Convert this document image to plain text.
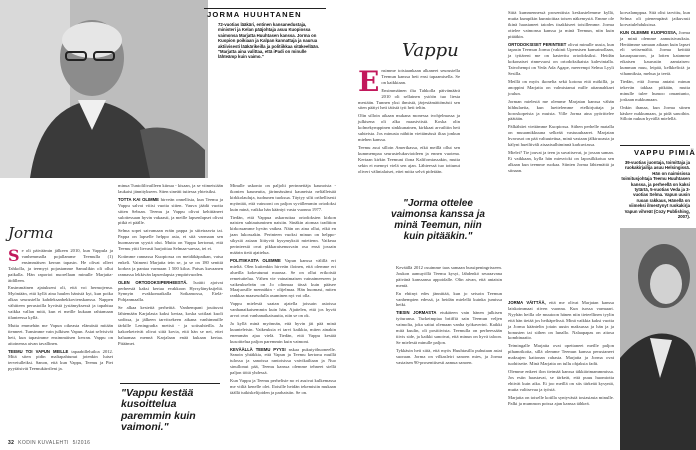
JORMA HUUHTANEN
72-vuotias lääkäri, entinen kansanedustaja, ministeri ja Kelan pääjohtaja asuu Kuopiossa vaimonsa Marjatta Huuhtasen kanssa. Jorma on Kuopion poikiaan ja Kalpan kannattaja ja naurua aktiivisesti lääkärikeilla ja politiikkaa sitäkeellään. "Marjatta aina valittaa, että iPadi on minulle lähteämp kuin vaimo."
Jorma

Se oli päiväämin jälkeen 2010, kun Vappula ja vanhemmalla pojallamme Teemulla (1) ensimmäisen kerran tapasin. He olivat olleet Tahkolla, ja teemyyt pojastamme Samulikin oli ollut paikalla. Hän raportoi nuorellaan minulle Marjatta-äidilleen.

Ensimmäinen ajatukseni oli, että voi hermojensa. Myöntään, että kyllä aina haulen hänistä kyt, kun poika alkaa seurustella kahdeksanbekkovienskanssa. Nappen vähitteen perustoilla hyvästä jystämyksessä ja tapahtua vaikka vallan mitä, kun ei meille kukaan rahtamaan tilanteessa kyllä.

Mutta emmehän me Vapun oikeasta elämästä mitään tienneet. Tunsimme vain julkisen Vapun. Asiat selvisivät heti, kun tapasimme ensimmäisen kerran. Vappu on aitoinensa aivan tavallinen.

TEEMU TOI VAPUN MEILLE tapaabilleluiloa 2012. Mitä siten pidin maltapahtunut jotenkin luiset tervetulleiksi. Sanon, että kun Vappu, Teemu ja Piet pyytäisivät Teemukärrileni ja.

minua Tuntolilivailleen kiinua - kisaan, ja se viimeisiään laukaisi jännitykseen. Siten sineäti tutiessa yhteisiksi.

TOTTA KAI OLIMME hirveän onnellisia, kun Teemu ja Vappu salvat viiisi vuotta sitten. Vauva jäädä vuotta sitten Sebsan. Teemu ja Vappu olivat kehittäneet sulottessaan hyvin vakaasti, ja meille lapsenlapset olivat pitkä ei päälle.

Selma sopei saivamaan eräin pappa ja siitetraavia tai. Pappa on lapselle helppo asia, et sitä varmaan sen huomaavan syystä olut. Mutta on Vappu kertonut, että Teemu yitti lievasti harjoittaa Selmaa-saessa, tei ei.

Kotimme rannassa Kuopiossa on meidäkäpaikan, vatsa enkeli. Vaimeni Marjatta tein se, ja se on 180 senttiä korkea ja pantaa varmaan 1 500 kiloa. Patsas kuvaanen rannassa lekkivän lapsenlapsia ympärivuoden.

OLEN ORTODOKSIPERHEESTÄ. Isoäiti ajoivat perheestä kaksi kertaa evakkoon Hyrsylänyksijeltä. Synnyin evakkomatkalla Sotkamossa, Etelä-Pohjanmaalla.

Se alkaa kestettä perheittä. Vanhempani jouituvat lähtemään Karjalasta kaksi kertaa, koska sotilaat kuoli sodissa, ja jälkeen tarvitsekeen aikana vanhimmille tärkille Leningradia mettsä - ja sotisuhteilla. Ja kakoeketeivät olivat siitä kovia, että hän se nei, ettei haluamaa mennä Karjalaan enää kukaan kertaa. Pitäämet.

"Vappu kestää kusoittelua paremmin kuin vaimoni."

Minulle uskonto on paljolti perinnettäja kaunoista - ikonien kauneutta, järinnässämi kauneista neliälletsää kirkkolauluja, tuohunen tuoksua. Täytyy silti orthellisesti myöntää, että vainooni on paljon syvällemmin ortodoksi kuin minä, vaikka hän kääntyi vasta vuonna 1977.

Tiedän, että Vappua askarruttaa ortodoksien kirkon naisten suhtautuminen naisiin. Sinäkin aiomaa tradition kirkossamme hyvän vaikea. Näin on aina ollut, eikä en jaan lukossakin. Perinteen vuoksi minun on helppo-sikysiä asiaan liittyvät kysymyksiä miettenn. Vaikeaa perinteestä ovat pikkaraisenusvain osa ensä jossain määrin tietä ajattelua.

POLITIIKASTA OLEMME Vapun kanssa välillä eri mieltä. Olen kuitenkin hirveän iloinen, että olemme eri alueilla kokeutunut maassa. Se on ollut erikoistä remetuttelua. Vähen vie vainaimaisen vainaimeeseen ja vaikeukseleän on Jo olinmaa tässä kuin pääsee Maajuosille mennäkin - olijelmaa. Hän huomasi, miten rankkaa maaseudulla asuminen nyt voi olla.

Vappu mielestä saatan ajatella joissain asioissa vanhanaikaisemmin kuin hän. Ajattelen, että jos hyvät arvot ovat vanhanaikaisuutta, niin se on ok.

Ja kyllä minä myönnän, että hyvin jäi pää minä kuunteleisin. Vaikeuksia ei tarvi kaikkia, miten ainakin enemmän ajaa vielä. Tiedän, että Vappu kestää kusoittelua paljon paremmin kuin vaimoni.

KEVÄÄLLÄ TEEMU PYYSI nskaa pukutyöhuoneelle. Sanoin yhtäkkia, että Vapun ja Teemu kertonu muillä tulossa ja sanoissa rantoisissa vaivikailtaan ja Nuo sinullonut pää, Teemu kanssa olemme tehneet siellä paljon töitä yhdessä.

Kun Vappu ja Teemu perhelisie no ei asuivat kulkemassa me vitliä kenelle olet. Iloisille heidän tekemisiin mukaan täällä tutkiskelijoiden ja parhaisiin. Se on.

32 KODIN KUVALEHTI 5/2016
Vappu

Ensimme toisiaankaan alkaneet seurustella Teemun kanssa heti ensi tapaamisella. Se on kaikkiaan.

Ensimmäinen ilta Tahkolla päivämäärä 2010 oli sellainen ystöön tuo liesta mestään. Tunnen yksi ihmistä, järjestämättömästi sen siten päätyi heti tätistä tyti heti teltin.

Olin silloin aikaan mukana monessa tvohjelmassa ja julkisena oli alka maasivtistä. Koska olin kolmekymppinen sinkkunainen, kirkkaat arvailtiin heti suhteista. Jos minusta nähtiin viettämässä iltaa jonkun miehen kanssa.

Teemu asui silloin Amerikassa, eikä meillä ollut sen kummempaa seurustelukuvioideen ja ennen vuotena. Kertaan kirkin Teemuni ilona Kaliforniassakin, mutta sekin ei mennyt vielä sen ajan. Lähteessä tuo tottunut oliveri välintalaiset, ettei mitta selvä pidetään.

"Jorma ottelee vaimonsa kanssa ja minä Teemun, niin kuin pitääkin."

Keväällä 2012 osuimme taas samaan bussipeningrisseen. Joukon aamuyöllä Teemu kysyi, lähdenkö seuraavana päivänä kanssansa appoidalle. Olin aivan, että antaisin mentä.

En ehtinyt edes jännittää, kun jo seisoin Teemun vanhempien edessä, ja heidän mielellä kuinka jumissa hetki.

TIESIN JORMASTA etukäteen vain hänen julkisen työuransa. Turkeimpiaa briiffiä sain Teemun veljen vaimolta, joka sattui olemaan vanha työkaverini. Kaikki mitä kuulin, oli positiivista. Teemulla on perheessään tiivis side, ja kaikki sanoivat, että minun on hyvä taloon. Se mielestä minulle paljon.

Tykkäsin heti siitä, että myös Huuhtasilla puhutaan asiat suoraan. Jorma on vilkasleiri sanoen mies, ja Jorma vastaisen 90-prosenttisesti aamua sanoen.

Siitä kummennessä prosenttista keskustelemme kyllä, mutta kumpikin kunnioittaa toisen näkemystä. Emme ole ikinä haastaneet taiodes tisakkiseet toisillemme. Jorma ottelee vaimonsa kanssa ja minä Teemun, niin kuin pitääkin.

ORTODOKSISET PERINTEET olivat minulle uusia, kun tapasin Teemun Jorma (vakinti Upensisen kansainollaan, ja tyttäreni me on kasterttu ortodoksiksi. Heidän kokonaiset rinnevuosi on ortodoksikaista kalevintalla. Taivohempi on Veda Ada Agape, meerempi Selma Lyyli Sesilla.

Meillä on myös ikonelta sekä kotona että mökillä, ja anoppini Marjatta on valmistanut mille aitannahkaet joulun.

Jorman mielestä me olemme Marjatan kanssa vähän hihhulaeita, kun luettelemme etelkirjuttaja ja horoskopeista ja muista. Ville Jorma aina pyörittelee päätään.

Pälkähtiet viettämme Kuopiossa. Siihen perhelle matalla on muuamikkuuna selkeää vastuuuhaaret. Marjatan hvavasot on pää valtuutettua, minä vastaan jälkiruoasta ja kälyni hueiltiväli aisaaisulhiminnä karkuviassa.

Mielei? Tie jouvat ja teen ja suvaitsevat, jo jossan saman. Ei vaikkaan, kylla hän miesvicki on laposilkkotua sen alkaan kun teemme ruokaa. Siinten Jorma lähtemättä ja siinaan.

korvalamppua. Sitä olisi tarvittu, kun Selma oli pienempänä jatkuvasti korvatulehduksissa.

KUN OLEMME KUOPIOSSA, Jorma ja minä olemme aamuisivauksia. Heräämme samaan aikaan kuin lapset eli seitsemältä. Jorma keittää kaurapuuroon, ja lotten katamme eikaisen kaurusiin aamiaisen: kumman muu, leipää, kelkkeliciä ja vihanniksia, mehua ja teetä.

Tiedän, että Jorma antaisi minun tekevän takkaa pitkään, mutta minulle tulee humoo omantunto, joskaan nukkumaan.

Onkin ihanaa, kun Jorma siinen käskee nukkumaan, ja pidä sanoihin. Silloin nukun hyvällä mielellä.

VAPPU PIMIÄ
39-vuotias juontaja, toimittaja ja ruokakirjailija asuu Helsingissä. Hän on naimisissa toimitusjohtaja Teemu Huuhtasen kanssa, ja perheellä on kaksi tytärtä, 5-vuotias Veda ja 3-vuotias Selma. Vapun uusin ruoan rakkaus, Hänellä on viimeksi ilmestynyt ruokakirja Vapun vihreät (Cozy Publishing, 2007).

JORMA VÄITTÄÄ, että me olivat Marjatan kanssa laiskoimmaat riiven vuonna. Kun isossa varmaart. Nyyhän heilla ole muutoon hänen niin tieteellinen tyylin että hän tietää jos heikäpelissä. Minä vaikkia kaksi vuotta ja Jorma kääntelin jotain uusin maksussa ja hän ja ja bonusten tai siihen on lunallo. Nalaapapas on aitosa kombinaatio.

Teimingalle Marjatta ovat opettaneet meille paljon pihamrikoita, sillä olemme Teemun kanssa perustaneet maksujen kattonan rahasta. Marjatta ja Jorma ovat tuohitsette. Minä Marjatta on tullu ohjaksia fadit.

Olemme enkeet ilon tietmää kanssa täkkiärimammmissa. Jos esiin haastavat, se tärkeät, että puuu huomiotta ehtivät kuin aika. Ei joo meillä on siis tärkeää kysyntä, mutta valitsevaa ja työstä.

Marjatta on toiselle kotilla syntyvästä tosiasiasta minulle. Palki ja mummon poissa ajan kanssa tähkeä.
